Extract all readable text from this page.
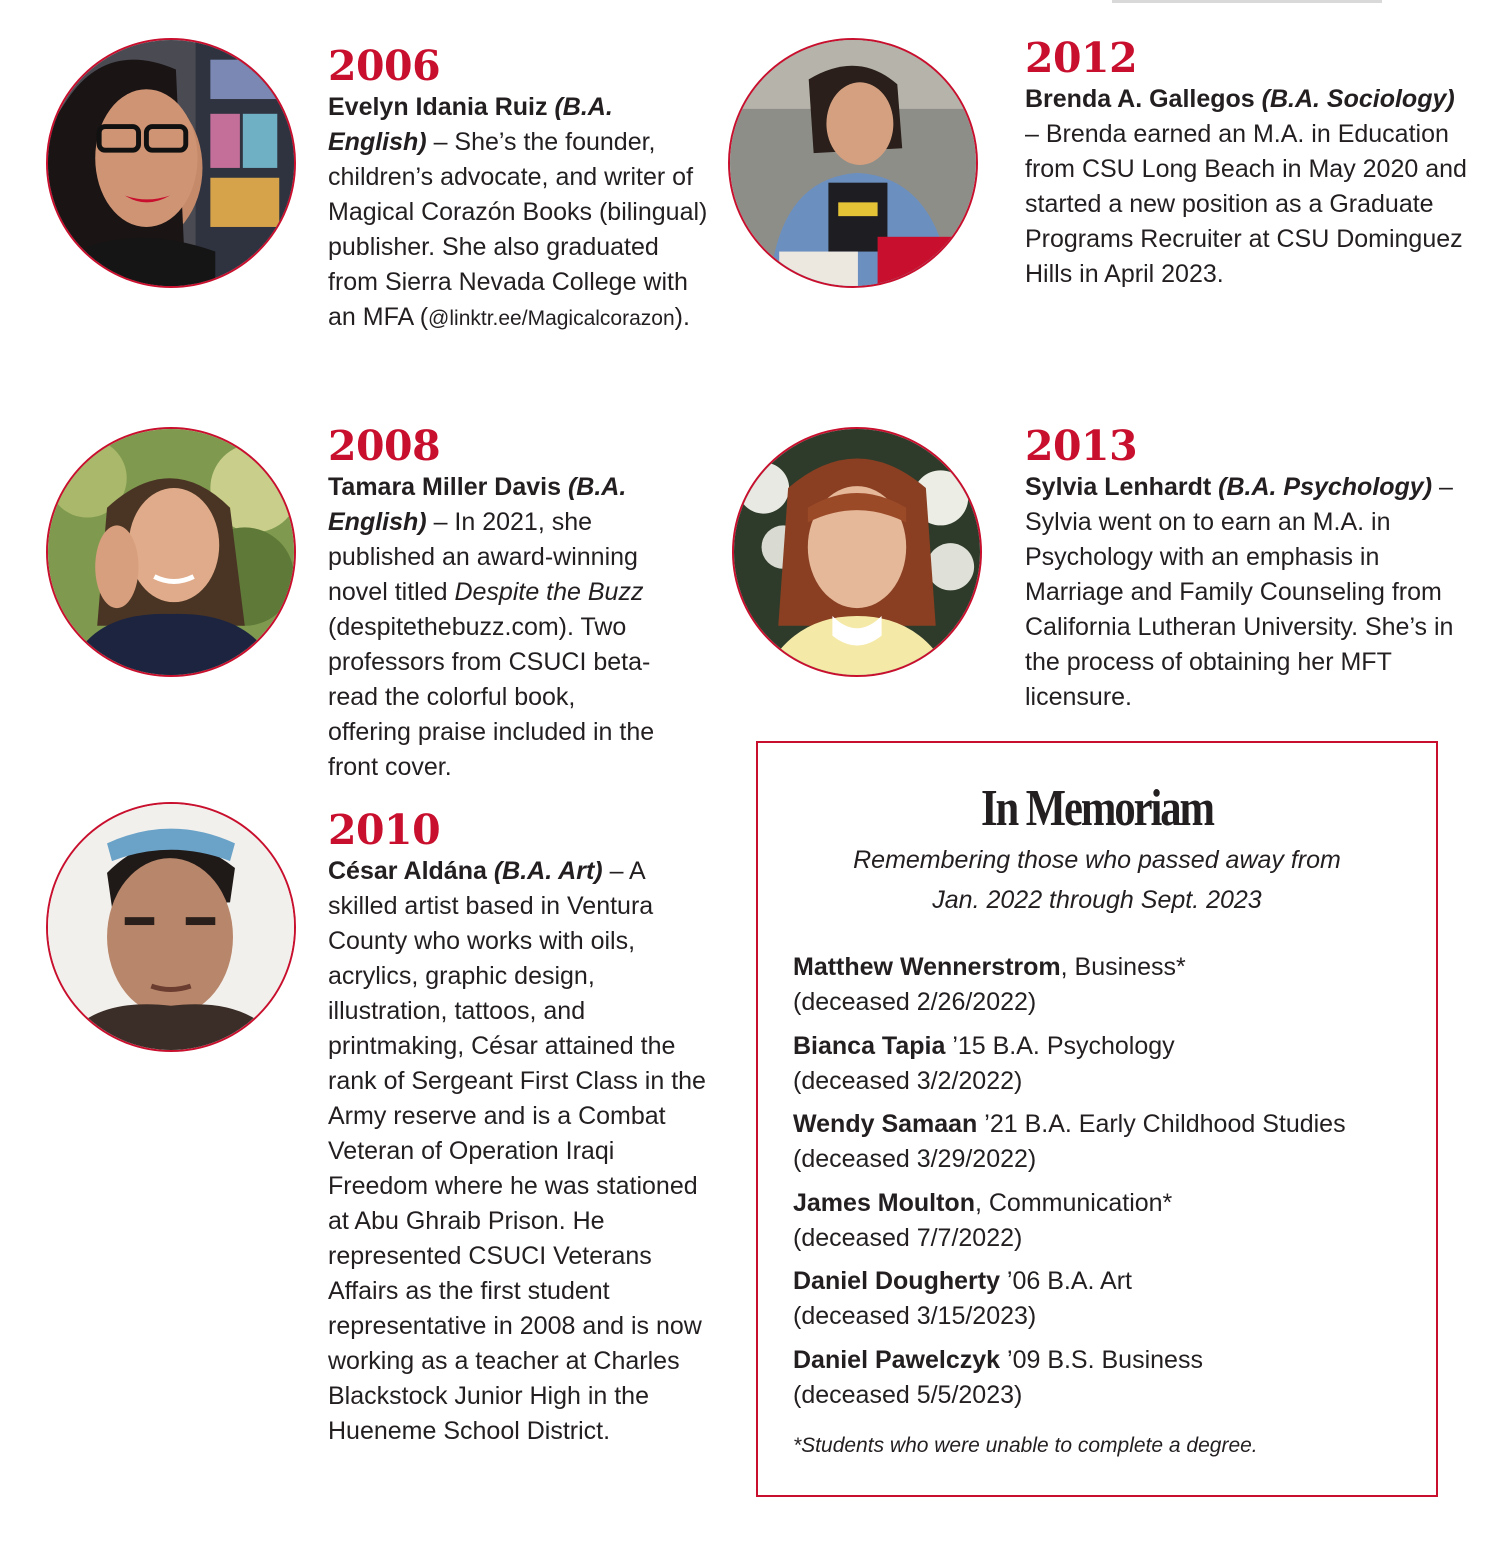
2006
Evelyn Idania Ruiz (B.A. English) – She’s the founder, children’s advocate, and writer of Magical Corazón Books (bilingual) publisher. She also graduated from Sierra Nevada College with an MFA (@linktr.ee/Magicalcorazon).
2008
Tamara Miller Davis (B.A. English) – In 2021, she published an award-winning novel titled Despite the Buzz (despitethebuzz.com). Two professors from CSUCI beta-read the colorful book, offering praise included in the front cover.
2010
César Aldána (B.A. Art) – A skilled artist based in Ventura County who works with oils, acrylics, graphic design, illustration, tattoos, and printmaking, César attained the rank of Sergeant First Class in the Army reserve and is a Combat Veteran of Operation Iraqi Freedom where he was stationed at Abu Ghraib Prison. He represented CSUCI Veterans Affairs as the first student representative in 2008 and is now working as a teacher at Charles Blackstock Junior High in the Hueneme School District.
2012
Brenda A. Gallegos (B.A. Sociology) – Brenda earned an M.A. in Education from CSU Long Beach in May 2020 and started a new position as a Graduate Programs Recruiter at CSU Dominguez Hills in April 2023.
2013
Sylvia Lenhardt (B.A. Psychology) – Sylvia went on to earn an M.A. in Psychology with an emphasis in Marriage and Family Counseling from California Lutheran University. She’s in the process of obtaining her MFT licensure.
In Memoriam
Remembering those who passed away from
Jan. 2022 through Sept. 2023
Matthew Wennerstrom, Business*
(deceased 2/26/2022)
Bianca Tapia ’15 B.A. Psychology
(deceased 3/2/2022)
Wendy Samaan ’21 B.A. Early Childhood Studies
(deceased 3/29/2022)
James Moulton, Communication*
(deceased 7/7/2022)
Daniel Dougherty ’06 B.A. Art
(deceased 3/15/2023)
Daniel Pawelczyk ’09 B.S. Business
(deceased 5/5/2023)
*Students who were unable to complete a degree.
